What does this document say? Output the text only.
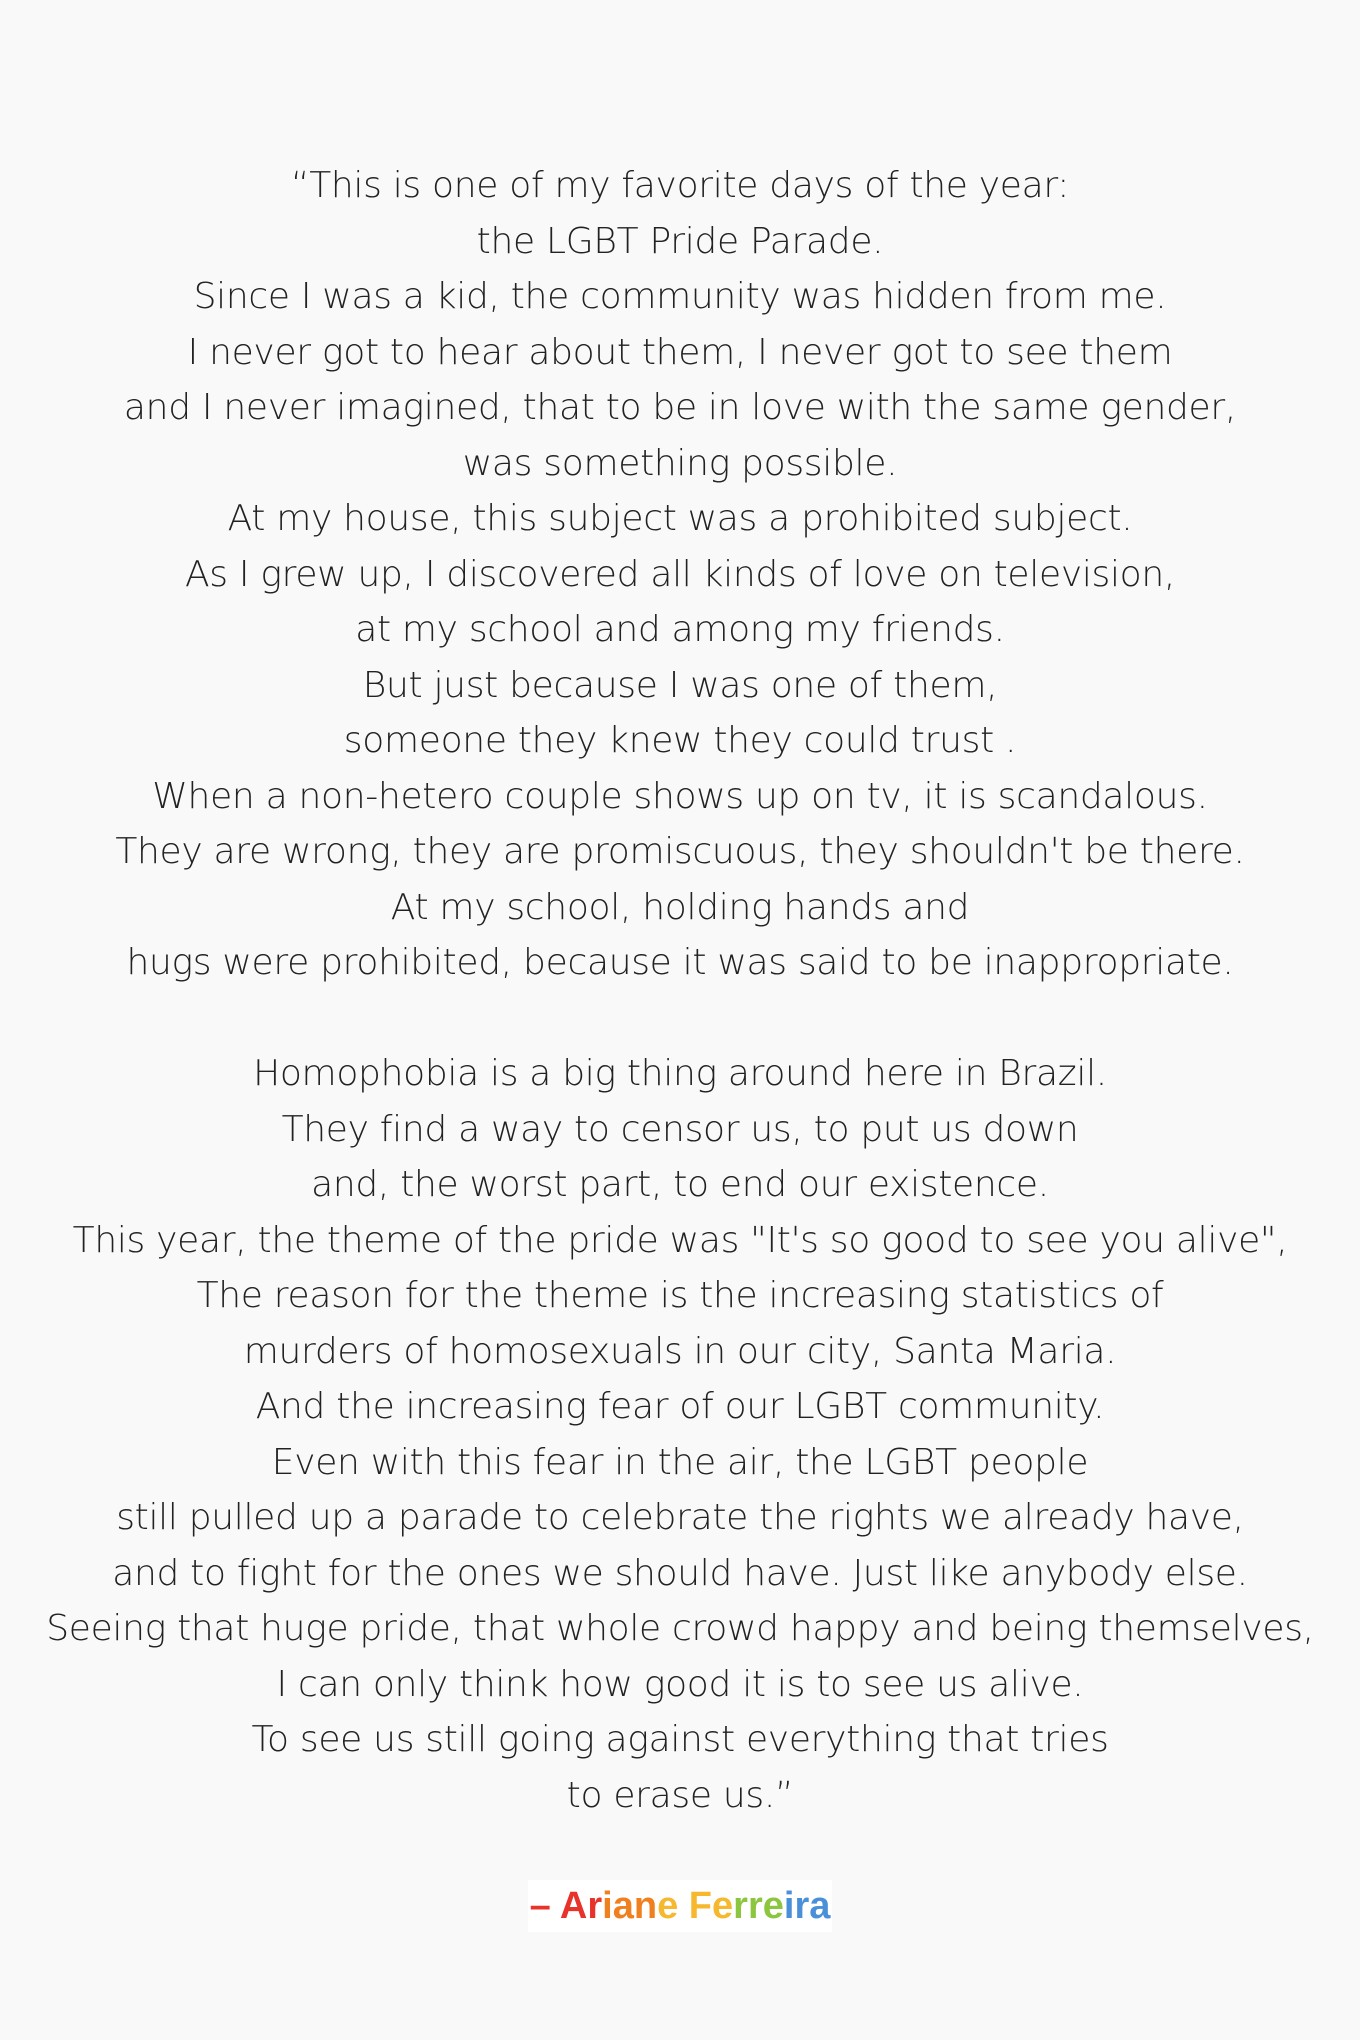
“This is one of my favorite days of the year:
the LGBT Pride Parade.
Since I was a kid, the community was hidden from me.
I never got to hear about them, I never got to see them
and I never imagined, that to be in love with the same gender,
was something possible.
At my house, this subject was a prohibited subject.
As I grew up, I discovered all kinds of love on television,
at my school and among my friends.
But just because I was one of them,
someone they knew they could trust .
When a non-hetero couple shows up on tv, it is scandalous.
They are wrong, they are promiscuous, they shouldn't be there.
At my school, holding hands and
hugs were prohibited, because it was said to be inappropriate.
Homophobia is a big thing around here in Brazil.
They find a way to censor us, to put us down
and, the worst part, to end our existence.
This year, the theme of the pride was "It's so good to see you alive",
The reason for the theme is the increasing statistics of
murders of homosexuals in our city, Santa Maria.
And the increasing fear of our LGBT community.
Even with this fear in the air, the LGBT people
still pulled up a parade to celebrate the rights we already have,
and to fight for the ones we should have. Just like anybody else.
Seeing that huge pride, that whole crowd happy and being themselves,
I can only think how good it is to see us alive.
To see us still going against everything that tries
to erase us.”
– Ariane Ferreira
